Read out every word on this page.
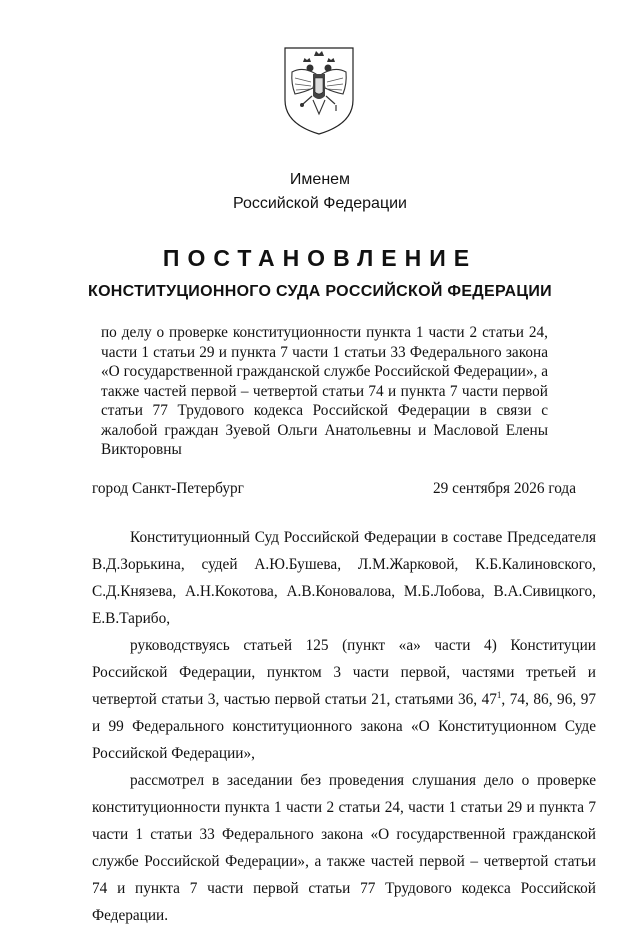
Именем
Российской Федерации
ПОСТАНОВЛЕНИЕ
КОНСТИТУЦИОННОГО СУДА РОССИЙСКОЙ ФЕДЕРАЦИИ
по делу о проверке конституционности пункта 1 части 2 статьи 24, части 1 статьи 29 и пункта 7 части 1 статьи 33 Федерального закона «О государственной гражданской службе Российской Федерации», а также частей первой – четвертой статьи 74 и пункта 7 части первой статьи 77 Трудового кодекса Российской Федерации в связи с жалобой граждан Зуевой Ольги Анатольевны и Масловой Елены Викторовны
город Санкт-Петербург	29 сентября 2026 года

Конституционный Суд Российской Федерации в составе Председателя В.Д.Зорькина, судей А.Ю.Бушева, Л.М.Жарковой, К.Б.Калиновского, С.Д.Князева, А.Н.Кокотова, А.В.Коновалова, М.Б.Лобова, В.А.Сивицкого, Е.В.Тарибо,

руководствуясь статьей 125 (пункт «а» части 4) Конституции Российской Федерации, пунктом 3 части первой, частями третьей и четвертой статьи 3, частью первой статьи 21, статьями 36, $47^1$, 74, 86, 96, 97 и 99 Федерального конституционного закона «О Конституционном Суде Российской Федерации»,

рассмотрел в заседании без проведения слушания дело о проверке конституционности пункта 1 части 2 статьи 24, части 1 статьи 29 и пункта 7 части 1 статьи 33 Федерального закона «О государственной гражданской службе Российской Федерации», а также частей первой – четвертой статьи 74 и пункта 7 части первой статьи 77 Трудового кодекса Российской Федерации.
